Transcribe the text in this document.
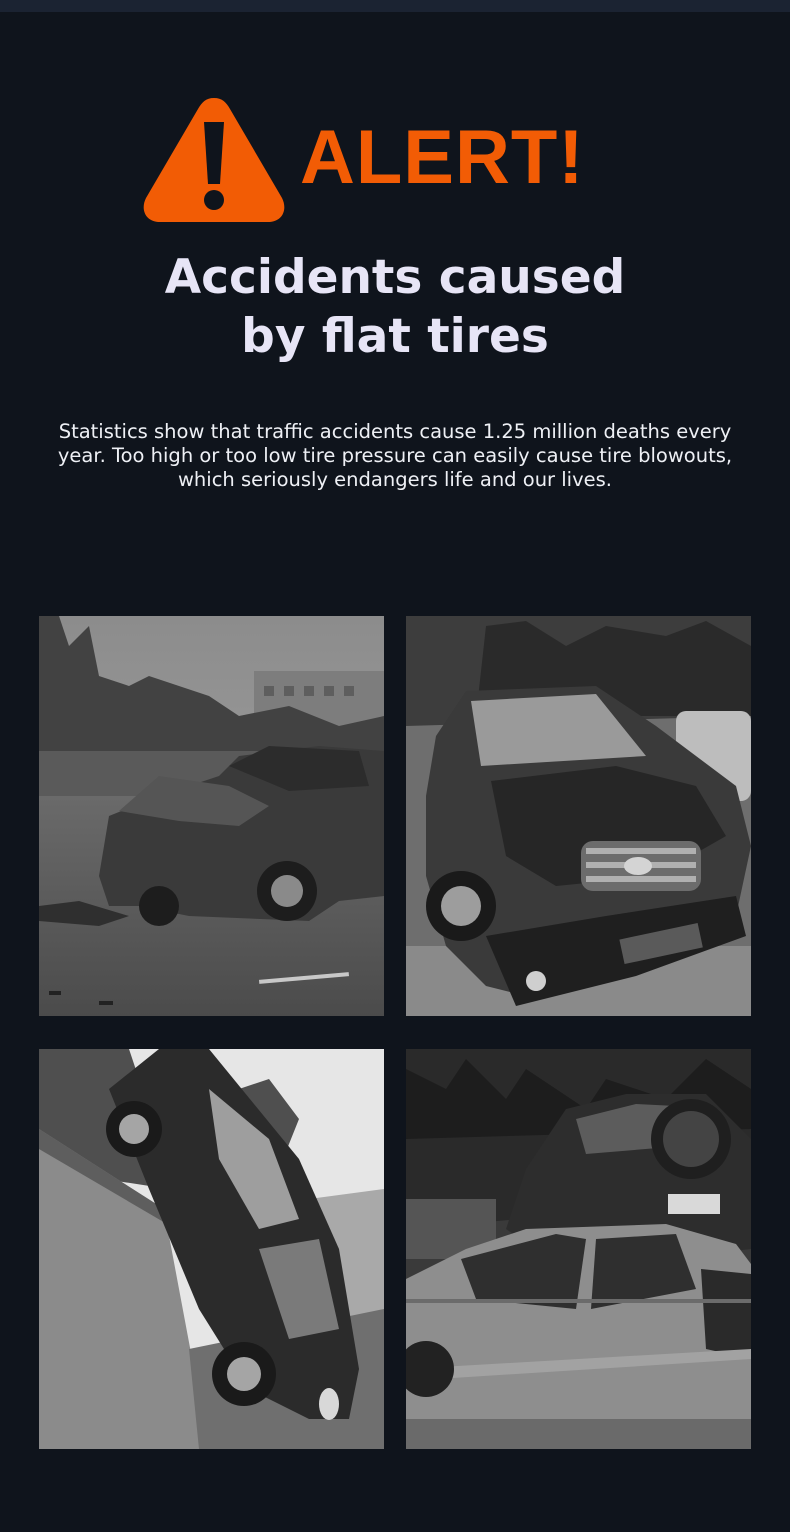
ALERT!
Accidents caused
by flat tires

Statistics show that traffic accidents cause 1.25 million deaths every
year. Too high or too low tire pressure can easily cause tire blowouts,
which seriously endangers life and our lives.
